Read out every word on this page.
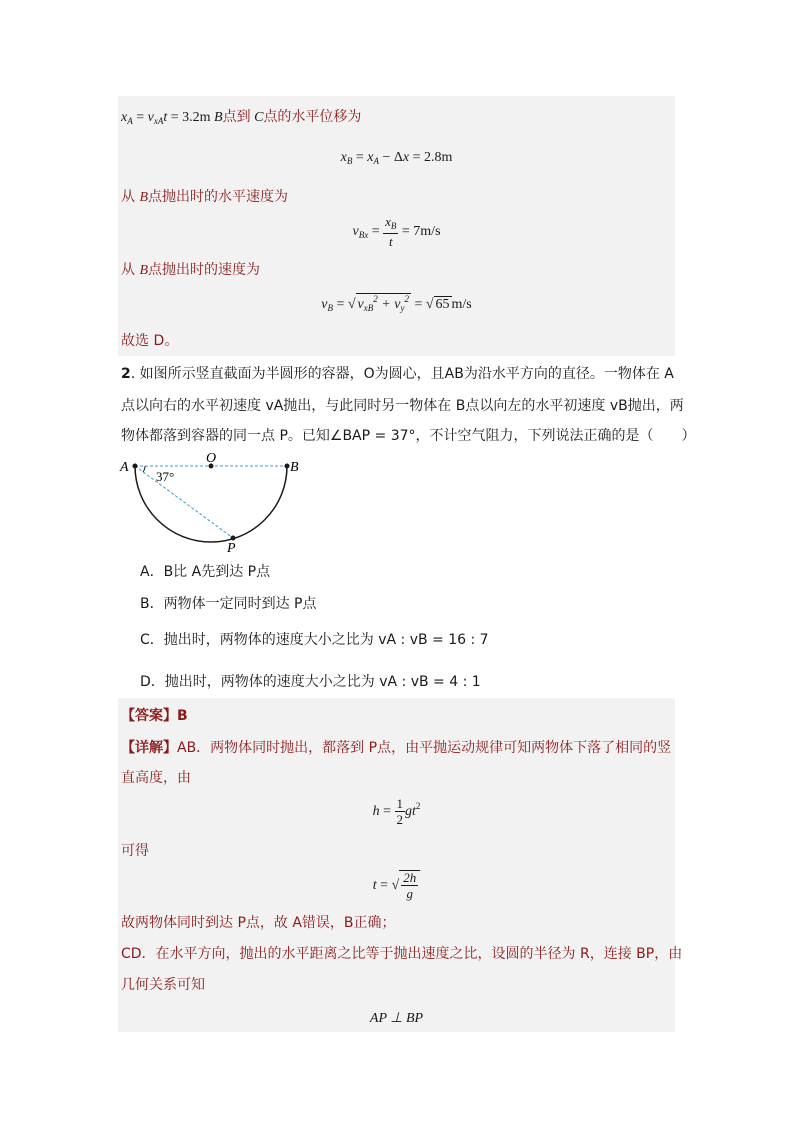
$x_A = v_{xA}t = 3.2m$ B点到 C点的水平位移为
$x_B = x_A - \Delta x = 2.8m$
从 B点抛出时的水平速度为
$v_{Bx} = \frac{x_B}{t} = 7m/s$
从 B点抛出时的速度为
$v_B$ = √ $v_{xB}^2 + v_y^2$ = √ 65 m/s
故选 D。
2. 如图所示竖直截面为半圆形的容器，O为圆心，且AB为沿水平方向的直径。一物体在 A
点以向右的水平初速度 vA抛出，与此同时另一物体在 B点以向左的水平初速度 vB抛出，两
物体都落到容器的同一点 P。已知∠BAP = 37°，不计空气阻力，下列说法正确的是（　　）
A
O
B
P
37°
A．B比 A先到达 P点
B．两物体一定同时到达 P点
C．抛出时，两物体的速度大小之比为 vA : vB = 16 : 7
D．抛出时，两物体的速度大小之比为 vA : vB = 4 : 1
【答案】B
【详解】AB．两物体同时抛出，都落到 P点，由平抛运动规律可知两物体下落了相同的竖
直高度，由
$h = \frac{1}{2} gt^2$
可得
t = √ $\frac{2h}{g}$
故两物体同时到达 P点，故 A错误，B正确；
CD．在水平方向，抛出的水平距离之比等于抛出速度之比，设圆的半径为 R，连接 BP，由
几何关系可知
AP ⊥ BP
